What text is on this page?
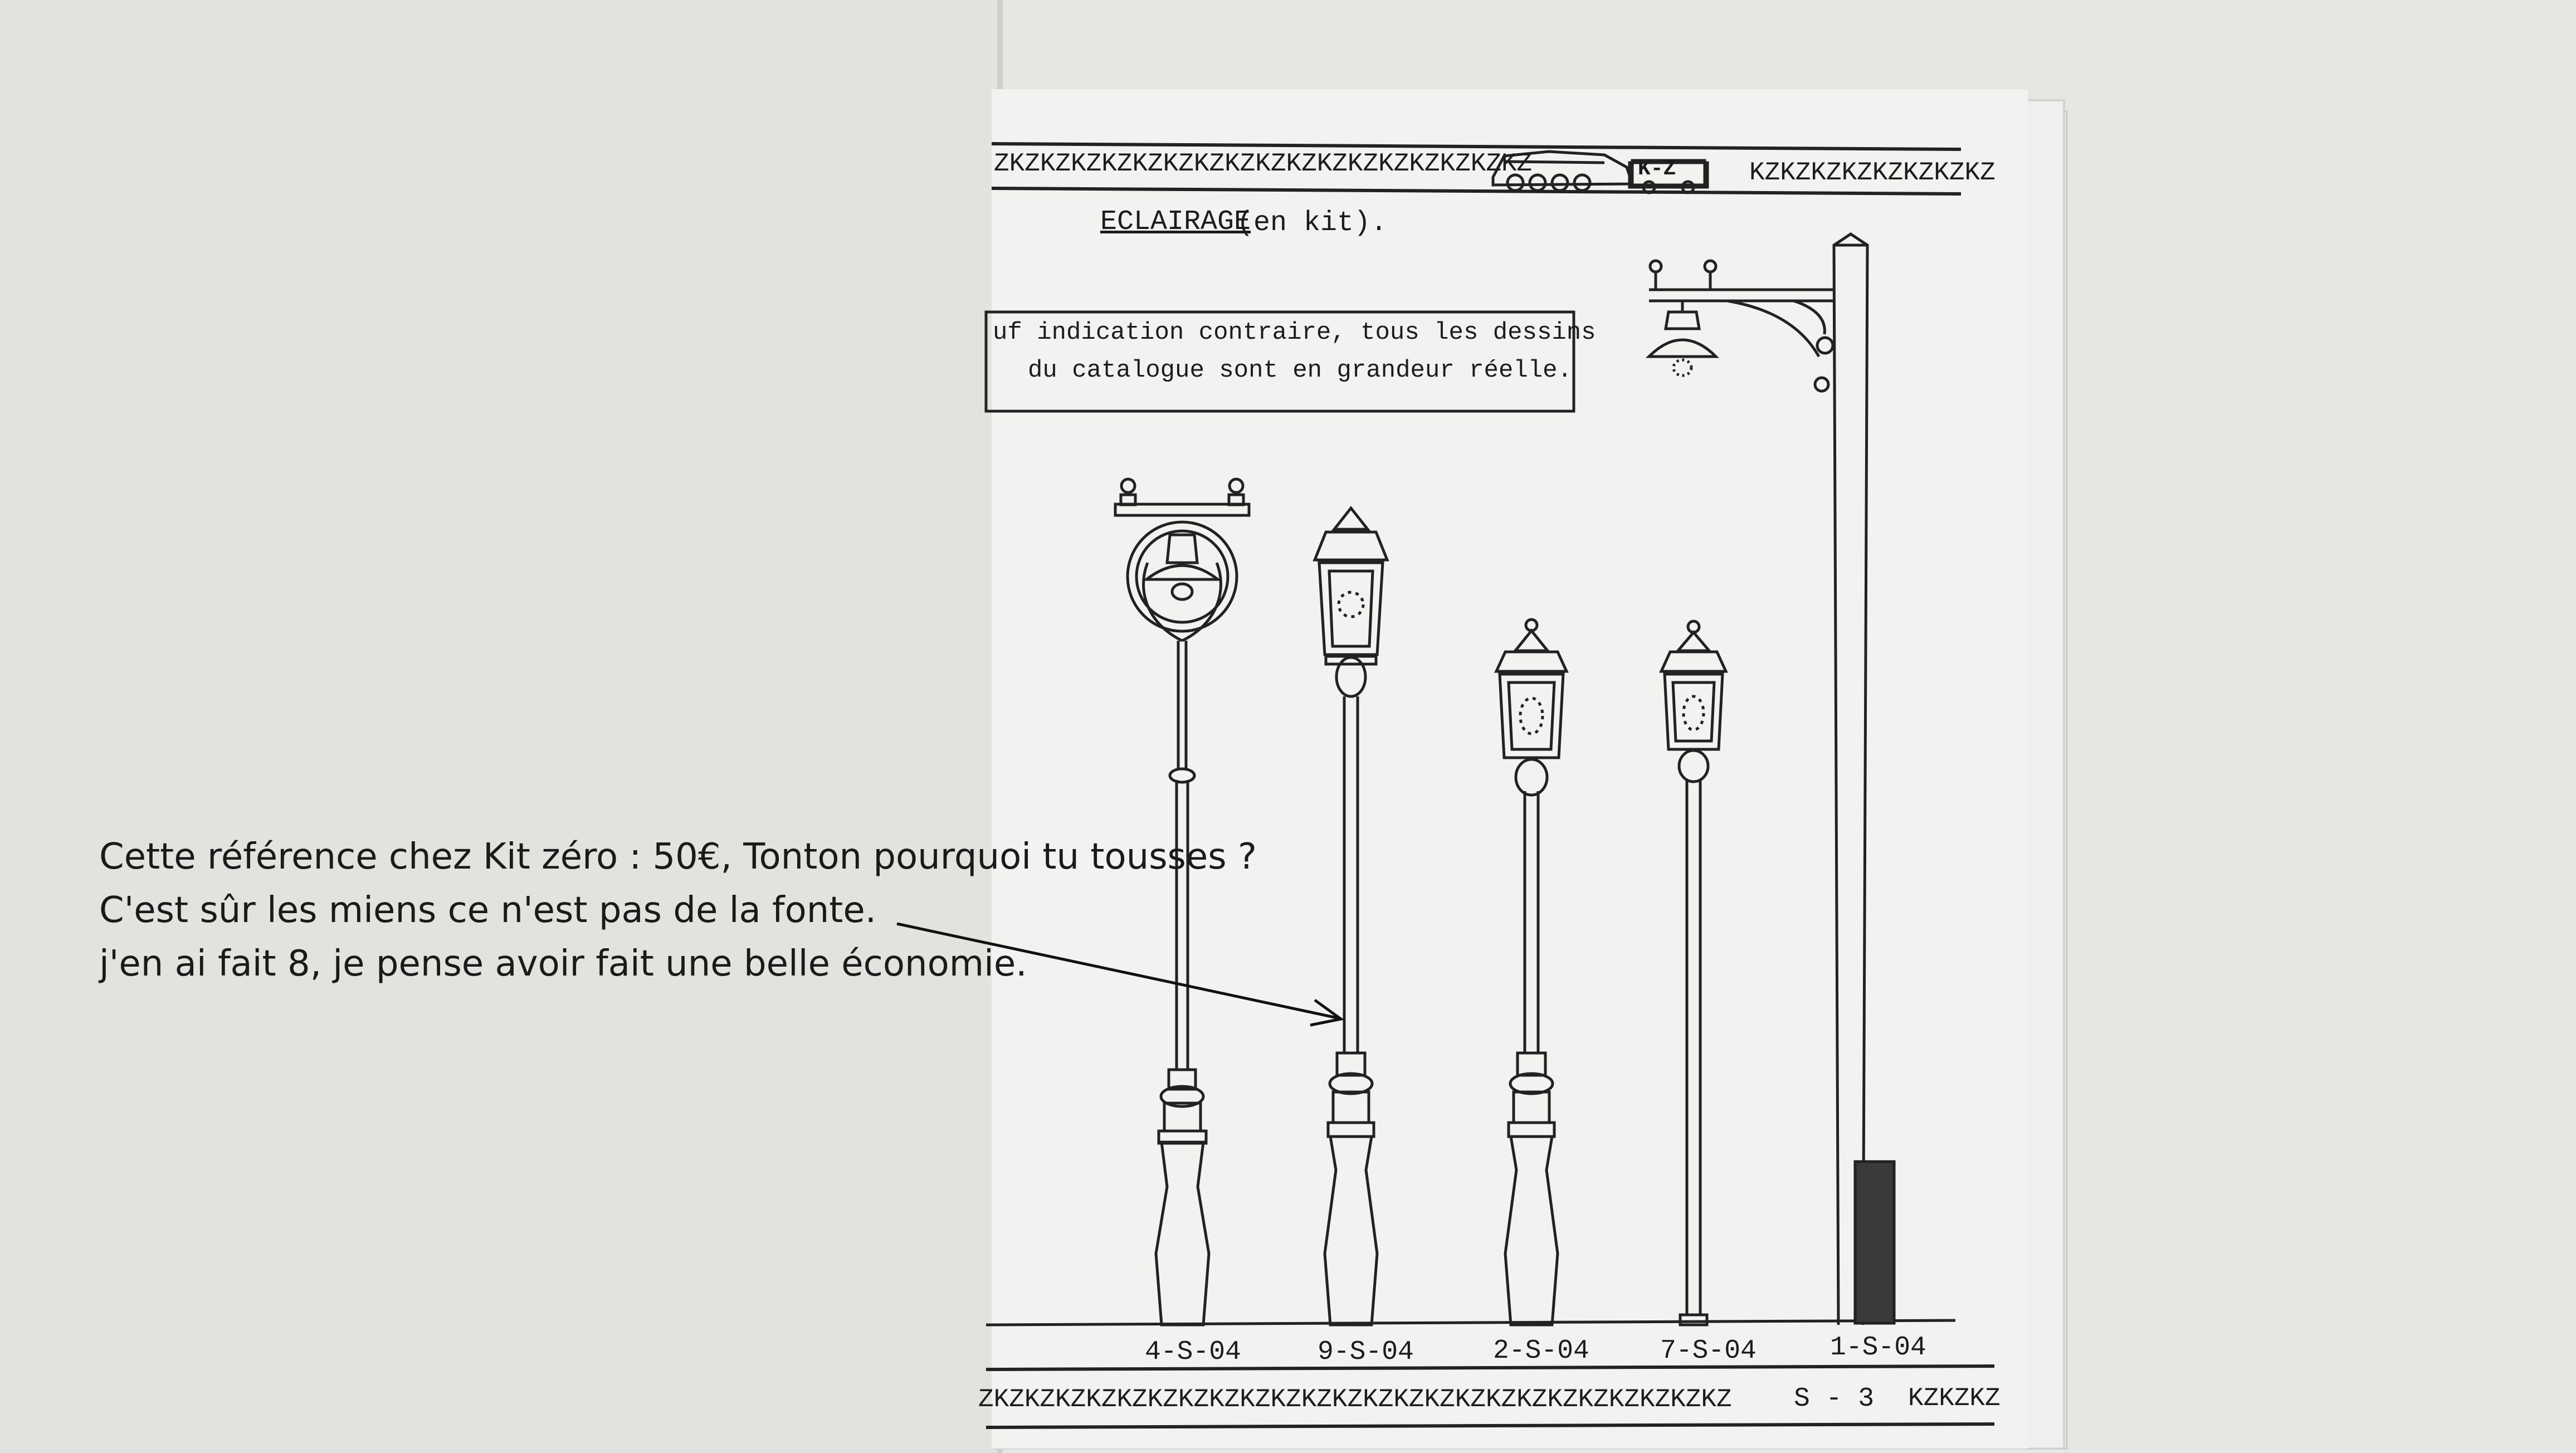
ZKZKZKZKZKZKZKZKZKZKZKZKZKZKZKZKZKZ	K-Z	KZKZKZKZKZKZKZKZ
ECLAIRAGE
(en kit).
uf indication contraire, tous les dessins
du catalogue sont en grandeur réelle.
4-S-04	9-S-04	2-S-04	7-S-04	1-S-04
ZKZKZKZKZKZKZKZKZKZKZKZKZKZKZKZKZKZKZKZKZKZKZKZKZ	S - 3 KZKZKZ
Cette référence chez Kit zéro : 50€, Tonton pourquoi tu tousses ?
C'est sûr les miens ce n'est pas de la fonte.
j'en ai fait 8, je pense avoir fait une belle économie.
